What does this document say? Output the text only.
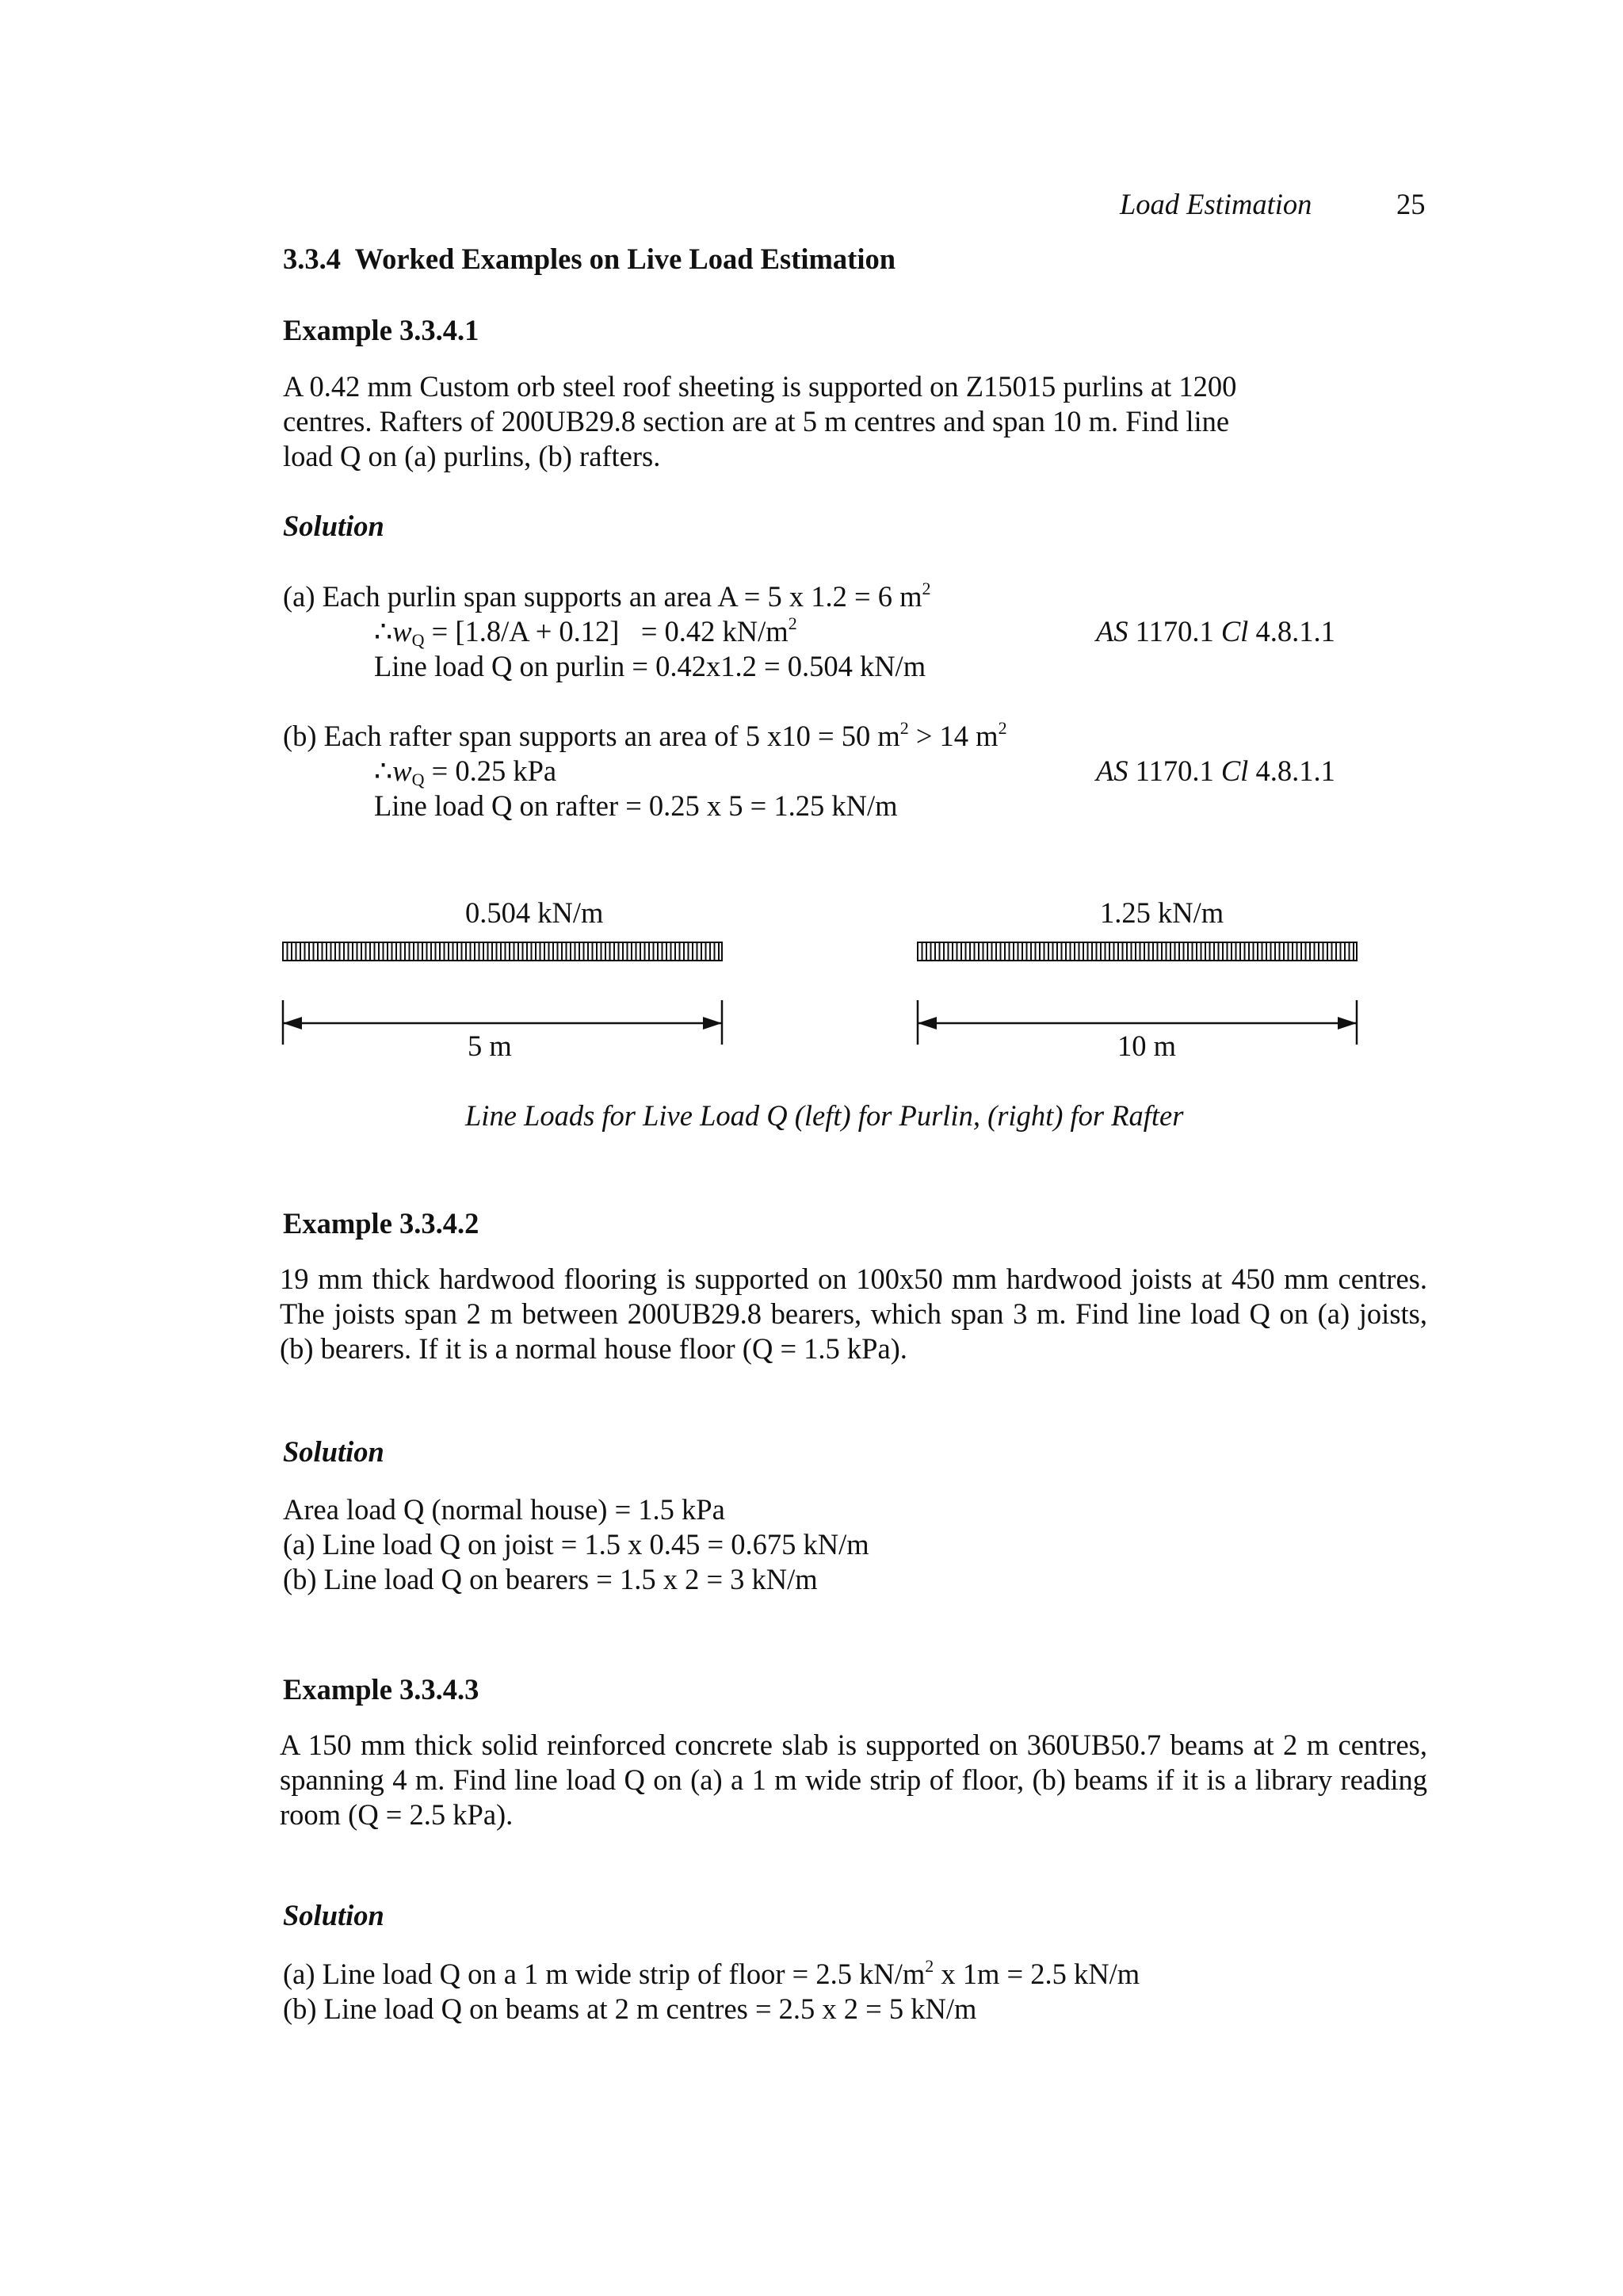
Load Estimation	25
3.3.4  Worked Examples on Live Load Estimation
Example 3.3.4.1
A 0.42 mm Custom orb steel roof sheeting is supported on Z15015 purlins at 1200
centres. Rafters of 200UB29.8 section are at 5 m centres and span 10 m. Find line
load Q on (a) purlins, (b) rafters.
Solution
(a) Each purlin span supports an area A = 5 x 1.2 = 6 $m^2$
$\therefore w_Q = [1.8/A + 0.12] = 0.42$ $kN/m^2$	AS 1170.1 Cl 4.8.1.1
Line load Q on purlin = 0.42x1.2 = 0.504 kN/m
(b) Each rafter span supports an area of 5 x10 = 50 $m^2 > 14$ $m^2$
$\therefore w_Q = 0.25$ kPa	AS 1170.1 Cl 4.8.1.1
Line load Q on rafter = 0.25 x 5 = 1.25 kN/m
0.504 kN/m
5 m
1.25 kN/m
10 m
Line Loads for Live Load Q (left) for Purlin, (right) for Rafter
Example 3.3.4.2
19 mm thick hardwood flooring is supported on 100x50 mm hardwood joists at 450 mm centres. The joists span 2 m between 200UB29.8 bearers, which span 3 m. Find line load Q on (a) joists, (b) bearers. If it is a normal house floor (Q = 1.5 kPa).
Solution
Area load Q (normal house) = 1.5 kPa
(a) Line load Q on joist = 1.5 x 0.45 = 0.675 kN/m
(b) Line load Q on bearers = 1.5 x 2 = 3 kN/m
Example 3.3.4.3
A 150 mm thick solid reinforced concrete slab is supported on 360UB50.7 beams at 2 m centres, spanning 4 m. Find line load Q on (a) a 1 m wide strip of floor, (b) beams if it is a library reading room (Q = 2.5 kPa).
Solution
(a) Line load Q on a 1 m wide strip of floor = 2.5 $kN/m^2$ x 1m = 2.5 kN/m
(b) Line load Q on beams at 2 m centres = 2.5 x 2 = 5 kN/m
